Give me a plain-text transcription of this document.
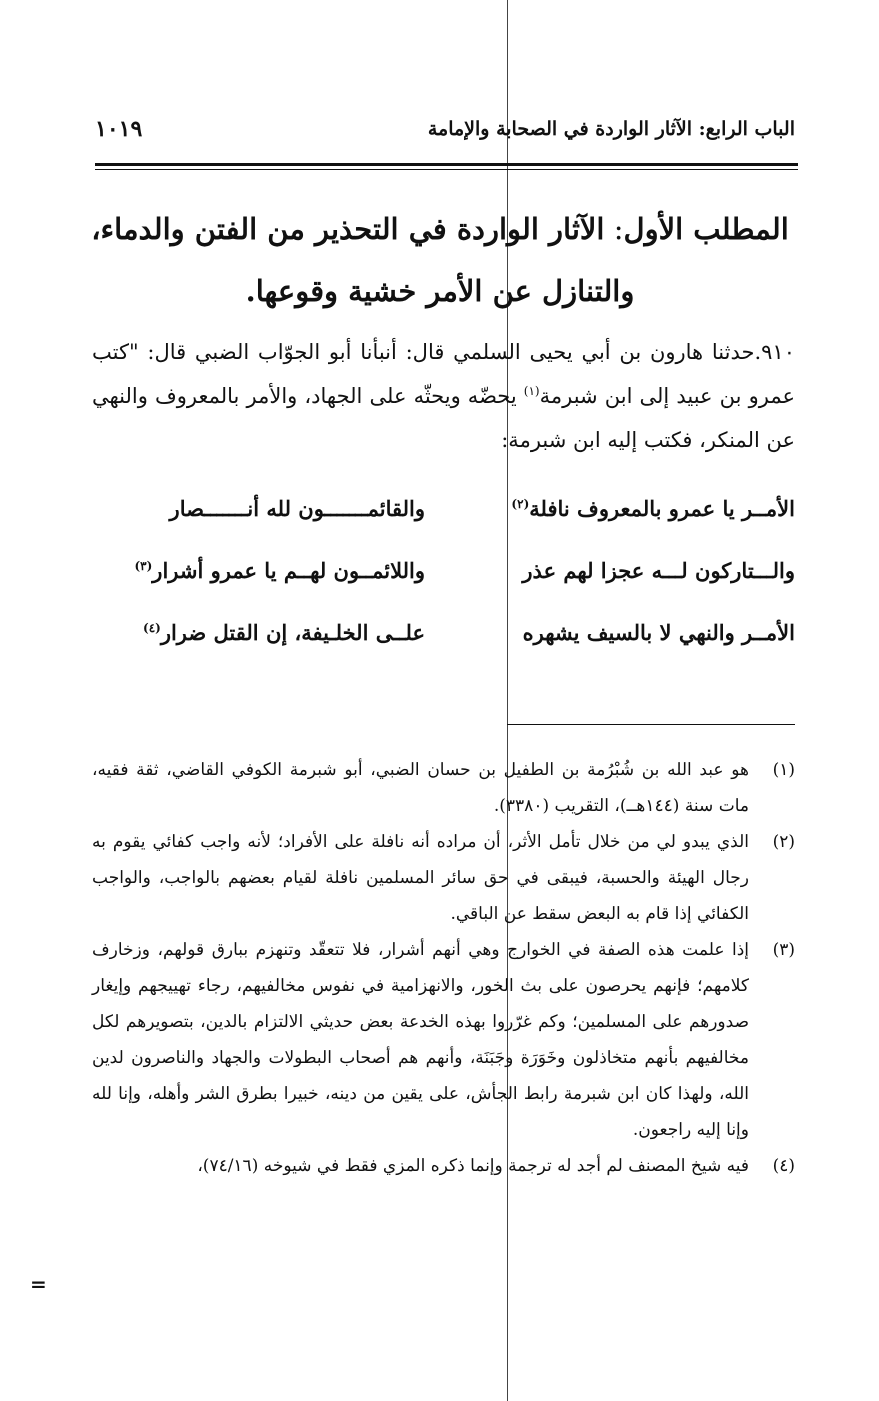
الباب الرابع: الآثار الواردة في الصحابة والإمامة
١٠١٩
المطلب الأول: الآثار الواردة في التحذير من الفتن والدماء،
والتنازل عن الأمر خشية وقوعها.

٩١٠.حدثنا هارون بن أبي يحيى السلمي قال: أنبأنا أبو الجوّاب الضبي قال: "كتب عمرو بن عبيد إلى ابن شبرمة$^{(١)}$ يحضّه ويحثّه على الجهاد، والأمر بالمعروف والنهي عن المنكر، فكتب إليه ابن شبرمة:

الأمــر يا عمرو بالمعروف نافلة$^{(٢)}$
والقائمـــــــون لله أنـــــــصار
والـــتاركون لـــه عجزا لهم عذر
واللائمــون لهــم يا عمرو أشرار$^{(٣)}$
الأمــر والنهي لا بالسيف يشهره
علــى الخلـيفة، إن القتل ضرار$^{(٤)}$
(١)
هو عبد الله بن شُبْرُمة بن الطفيل بن حسان الضبي، أبو شبرمة الكوفي القاضي، ثقة فقيه، مات سنة (١٤٤هــ)، التقريب (٣٣٨٠).
(٢)
الذي يبدو لي من خلال تأمل الأثر، أن مراده أنه نافلة على الأفراد؛ لأنه واجب كفائي يقوم به رجال الهيئة والحسبة، فيبقى في حق سائر المسلمين نافلة لقيام بعضهم بالواجب، والواجب الكفائي إذا قام به البعض سقط عن الباقي.
(٣)
إذا علمت هذه الصفة في الخوارج وهي أنهم أشرار، فلا تتعقّد وتنهزم ببارق قولهم، وزخارف كلامهم؛ فإنهم يحرصون على بث الخور، والانهزامية في نفوس مخالفيهم، رجاء تهييجهم وإيغار صدورهم على المسلمين؛ وكم غرّروا بهذه الخدعة بعض حديثي الالتزام بالدين، بتصويرهم لكل مخالفيهم بأنهم متخاذلون وخَوَرَة وجَبَنَة، وأنهم هم أصحاب البطولات والجهاد والناصرون لدين الله، ولهذا كان ابن شبرمة رابط الجأش، على يقين من دينه، خبيرا بطرق الشر وأهله، وإنا لله وإنا إليه راجعون.
(٤)
فيه شيخ المصنف لم أجد له ترجمة وإنما ذكره المزي فقط في شيوخه (٧٤/١٦)،
=
